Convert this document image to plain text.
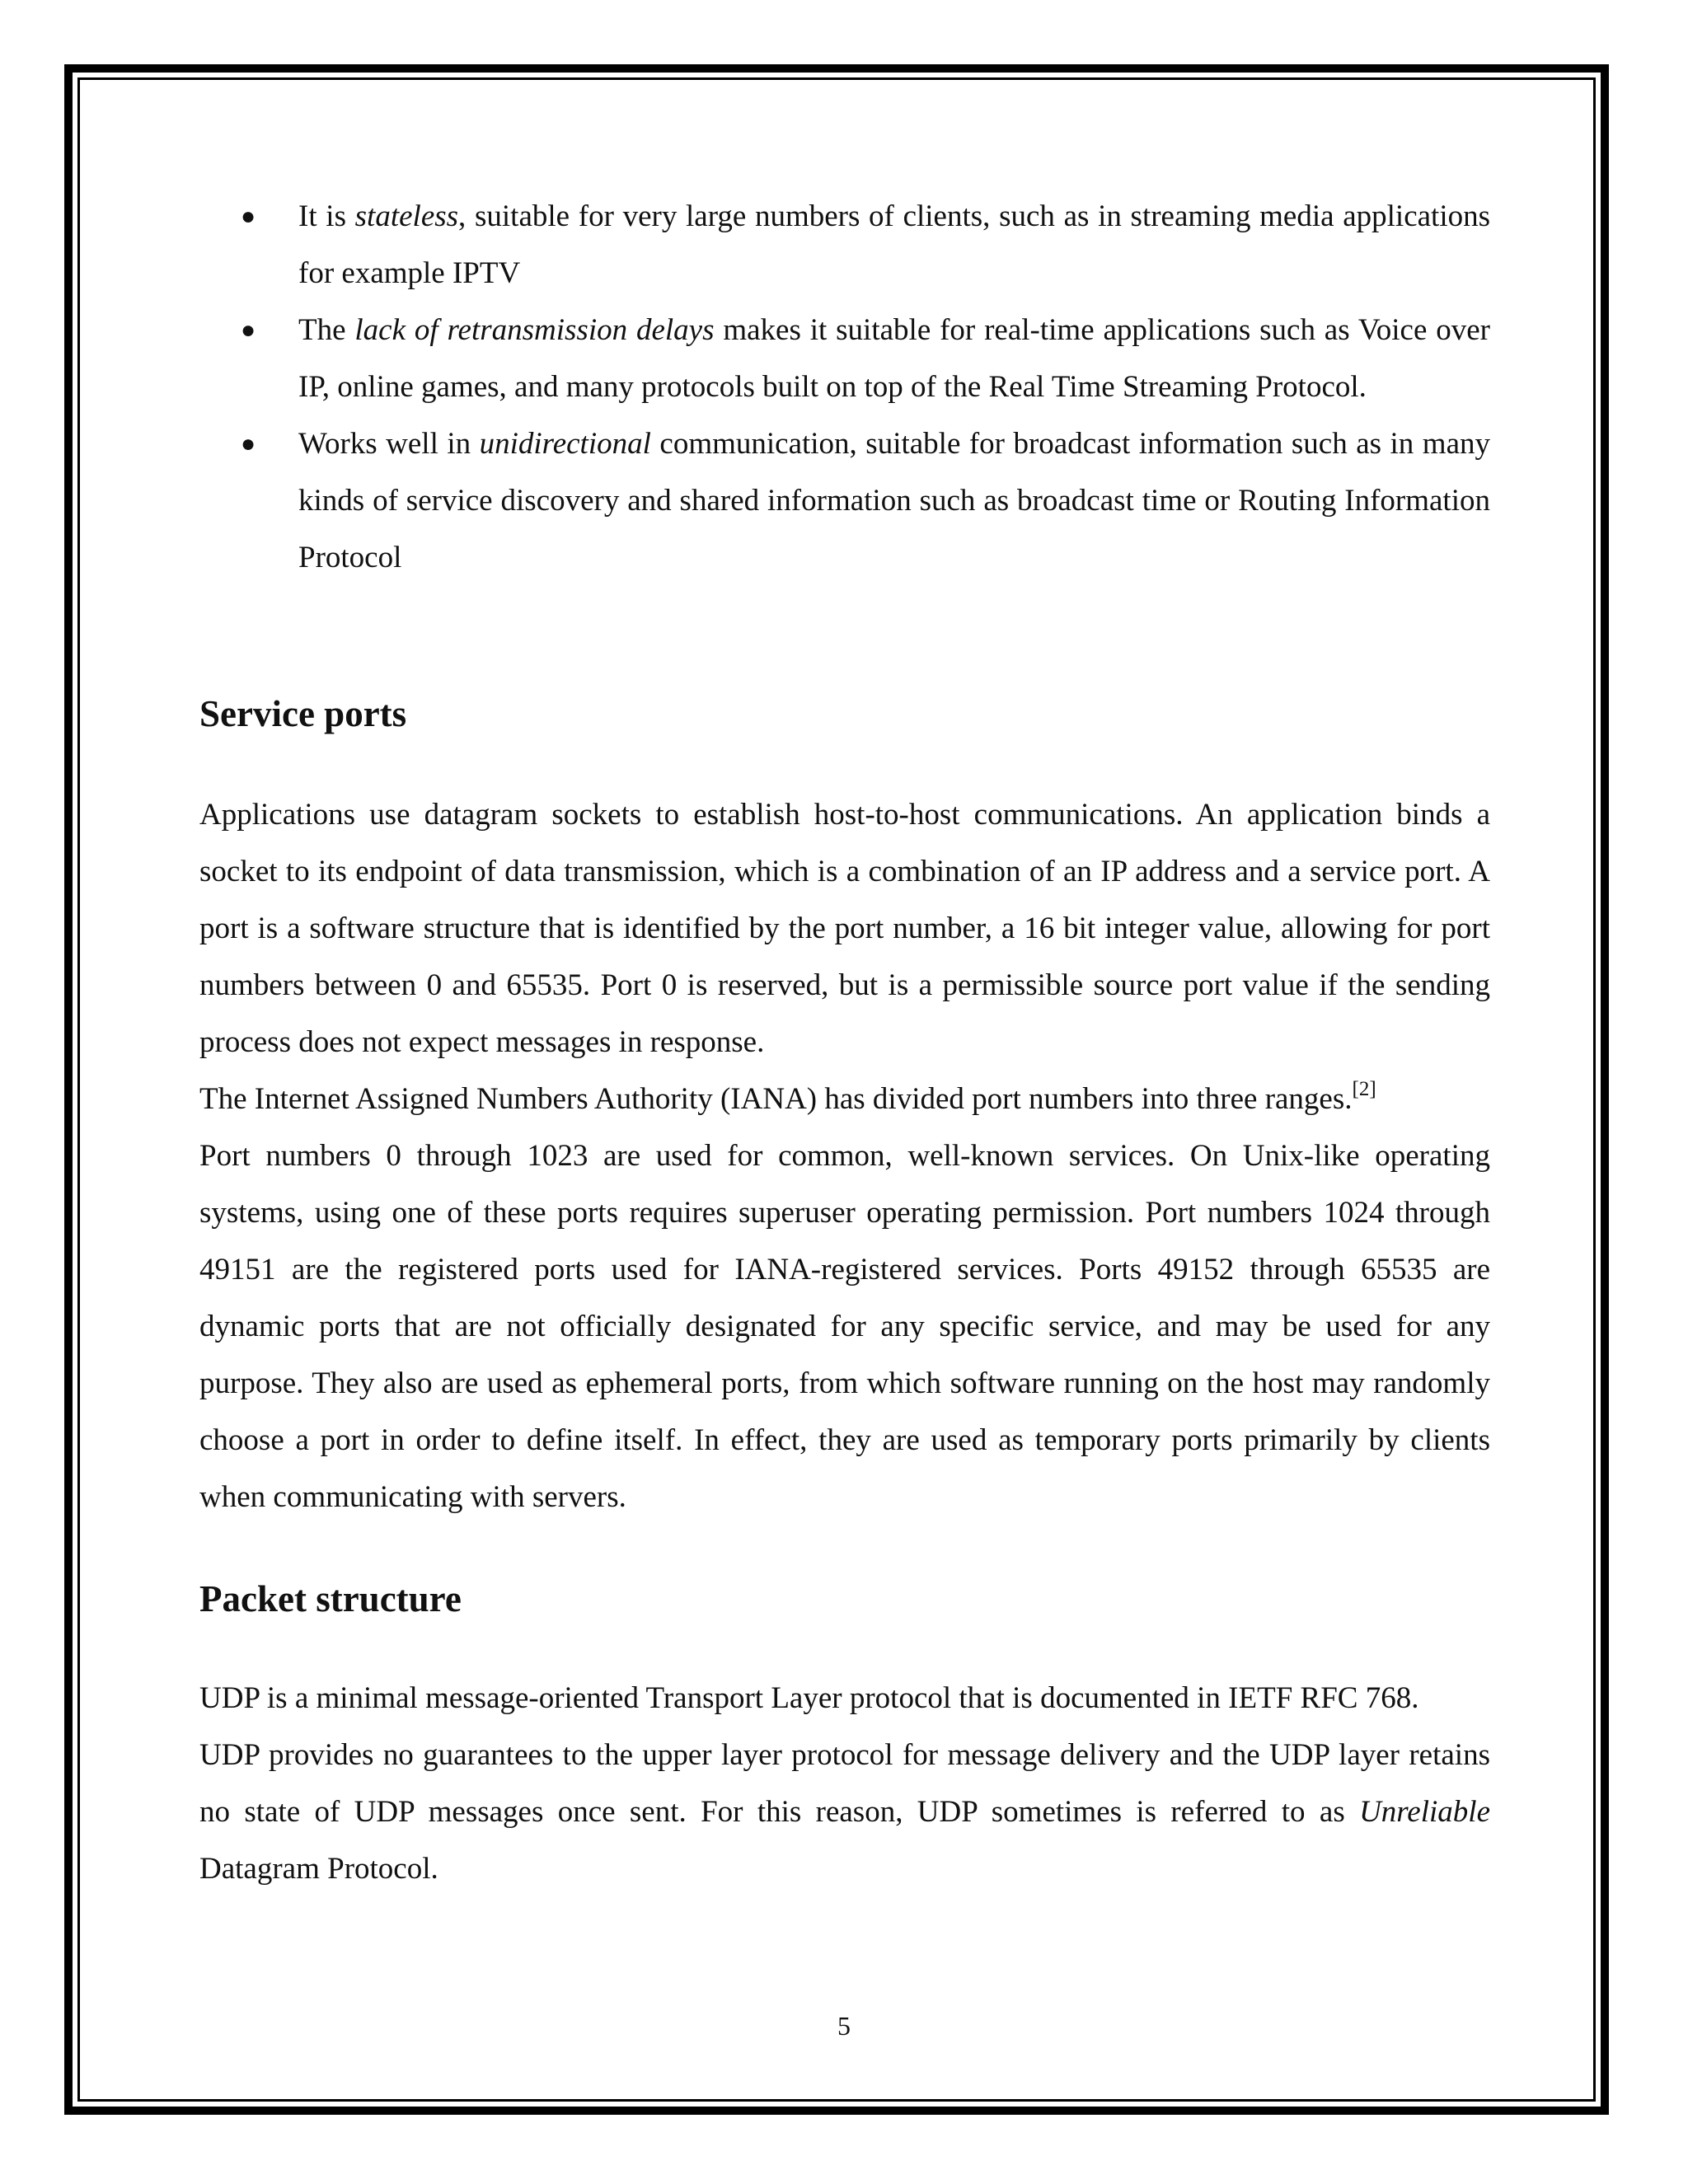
● It is stateless, suitable for very large numbers of clients, such as in streaming media applications for example IPTV
● The lack of retransmission delays makes it suitable for real-time applications such as Voice over IP, online games, and many protocols built on top of the Real Time Streaming Protocol.
● Works well in unidirectional communication, suitable for broadcast information such as in many kinds of service discovery and shared information such as broadcast time or Routing Information Protocol
Service ports

Applications use datagram sockets to establish host-to-host communications. An application binds a socket to its endpoint of data transmission, which is a combination of an IP address and a service port. A port is a software structure that is identified by the port number, a 16 bit integer value, allowing for port numbers between 0 and 65535. Port 0 is reserved, but is a permissible source port value if the sending process does not expect messages in response.

The Internet Assigned Numbers Authority (IANA) has divided port numbers into three ranges.[2]

Port numbers 0 through 1023 are used for common, well-known services. On Unix-like operating systems, using one of these ports requires superuser operating permission. Port numbers 1024 through 49151 are the registered ports used for IANA-registered services. Ports 49152 through 65535 are dynamic ports that are not officially designated for any specific service, and may be used for any purpose. They also are used as ephemeral ports, from which software running on the host may randomly choose a port in order to define itself. In effect, they are used as temporary ports primarily by clients when communicating with servers.

Packet structure

UDP is a minimal message-oriented Transport Layer protocol that is documented in IETF RFC 768.

UDP provides no guarantees to the upper layer protocol for message delivery and the UDP layer retains no state of UDP messages once sent. For this reason, UDP sometimes is referred to as Unreliable Datagram Protocol.

5
